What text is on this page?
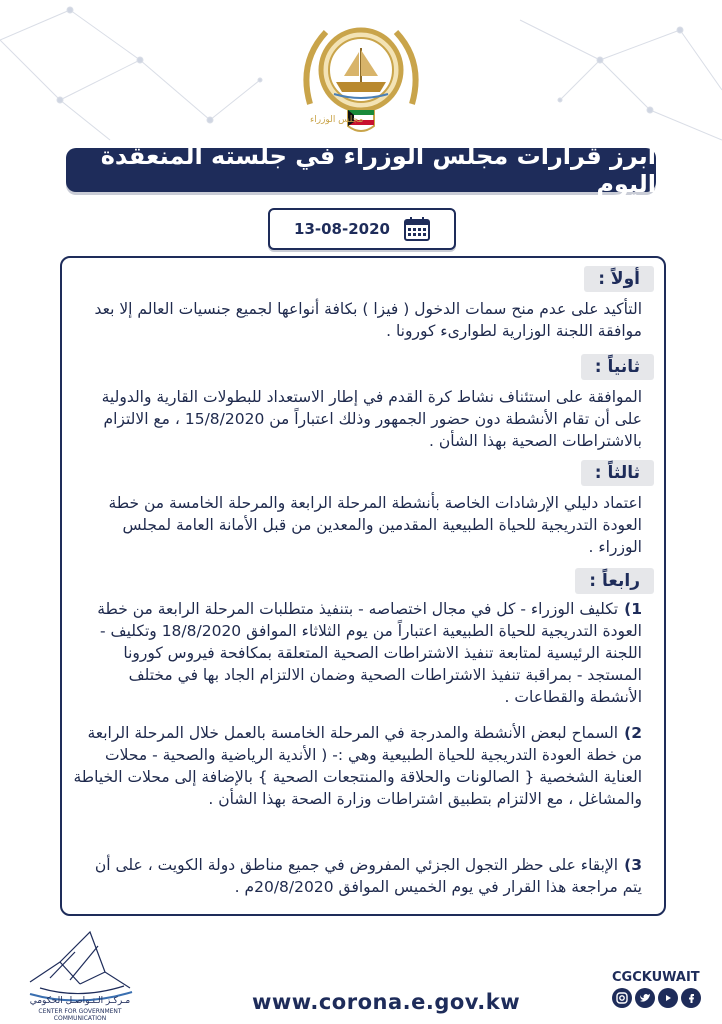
مجلس الوزراء
أبرز قرارات مجلس الوزراء في جلسته المنعقدة اليوم
13-08-2020
أولاً :
التأكيد على عدم منح سمات الدخول ( فيزا ) بكافة أنواعها لجميع جنسيات العالم إلا بعد موافقة اللجنة الوزارية لطوارىء كورونا .
ثانياً :
الموافقة على استئناف نشاط كرة القدم في إطار الاستعداد للبطولات القارية والدولية على أن تقام الأنشطة دون حضور الجمهور وذلك اعتباراً من 15/8/2020 ، مع الالتزام بالاشتراطات الصحية بهذا الشأن .
ثالثاً :
اعتماد دليلي الإرشادات الخاصة بأنشطة المرحلة الرابعة والمرحلة الخامسة من خطة العودة التدريجية للحياة الطبيعية المقدمين والمعدين من قبل الأمانة العامة لمجلس الوزراء .
رابعاً :
1)تكليف الوزراء - كل في مجال اختصاصه - بتنفيذ متطلبات المرحلة الرابعة من خطة العودة التدريجية للحياة الطبيعية اعتباراً من يوم الثلاثاء الموافق 18/8/2020 وتكليف - اللجنة الرئيسية لمتابعة تنفيذ الاشتراطات الصحية المتعلقة بمكافحة فيروس كورونا المستجد - بمراقبة تنفيذ الاشتراطات الصحية وضمان الالتزام الجاد بها في مختلف الأنشطة والقطاعات .
2)السماح لبعض الأنشطة والمدرجة في المرحلة الخامسة بالعمل خلال المرحلة الرابعة من خطة العودة التدريجية للحياة الطبيعية وهي :- ( الأندية الرياضية والصحية - محلات العناية الشخصية { الصالونات والحلاقة والمنتجعات الصحية } بالإضافة إلى محلات الخياطة والمشاغل ، مع الالتزام بتطبيق اشتراطات وزارة الصحة بهذا الشأن .
3)الإبقاء على حظر التجول الجزئي المفروض في جميع مناطق دولة الكويت ، على أن يتم مراجعة هذا القرار في يوم الخميس الموافق 20/8/2020م .
مـركـز الـتـواصـل الحكومي
CENTER FOR GOVERNMENT COMMUNICATION
www.corona.e.gov.kw
CGCKUWAIT
